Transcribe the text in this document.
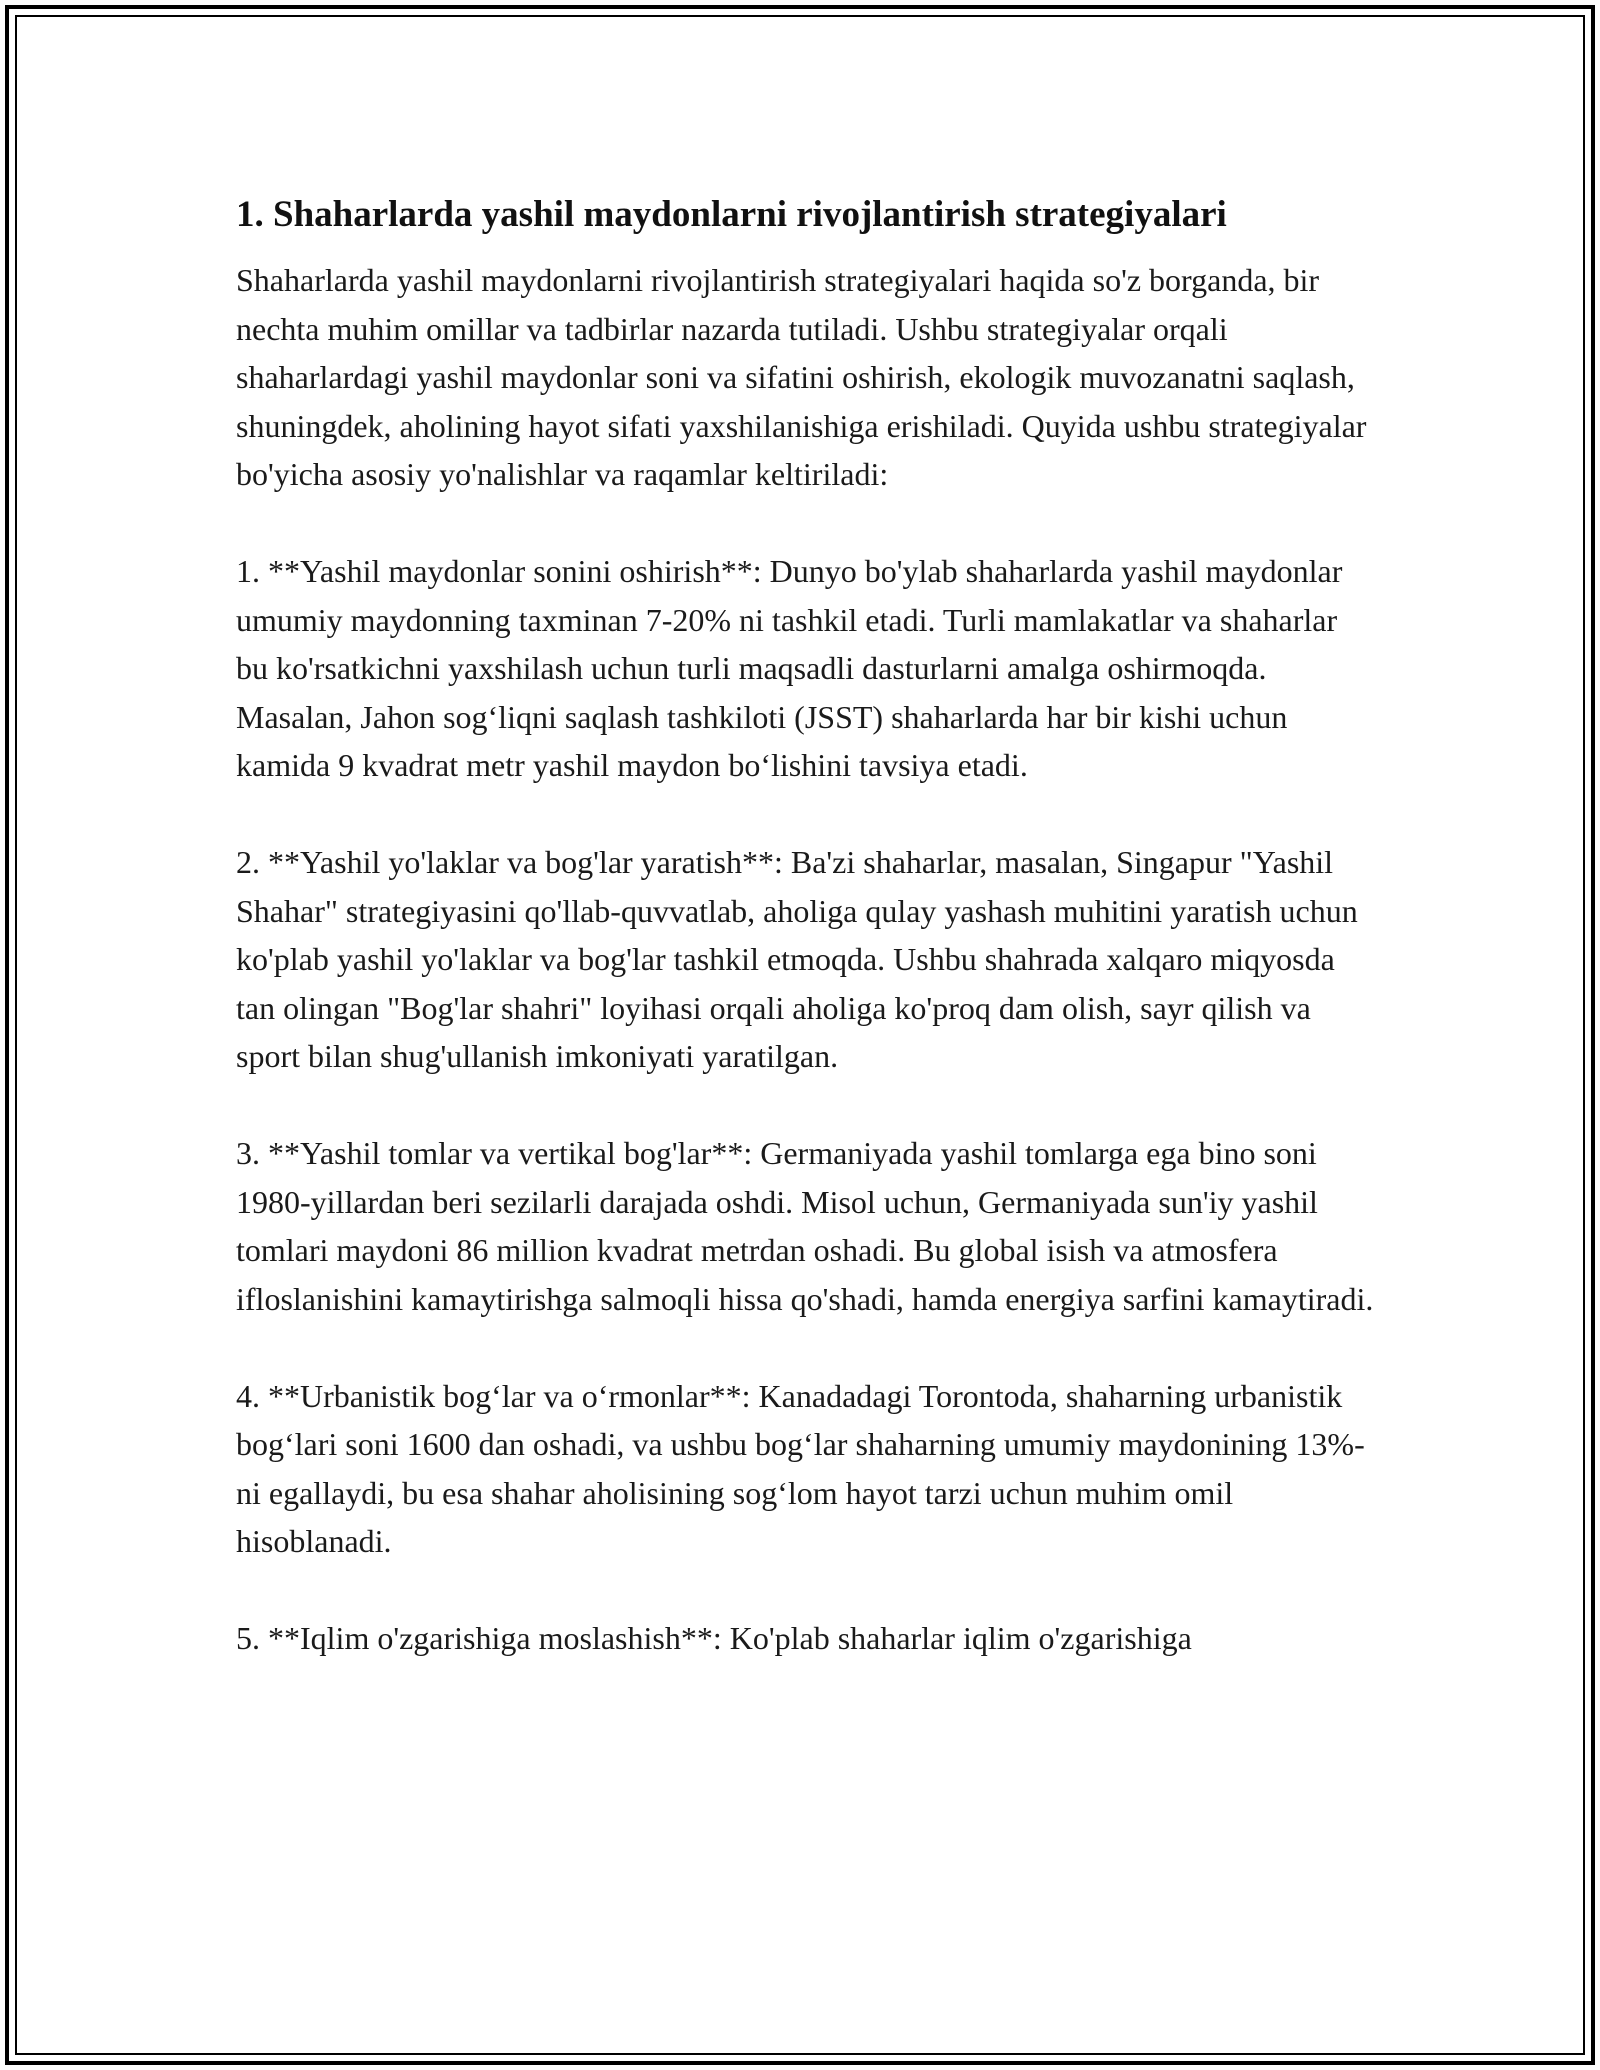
1. Shaharlarda yashil maydonlarni rivojlantirish strategiyalari

Shaharlarda yashil maydonlarni rivojlantirish strategiyalari haqida so'z borganda, bir nechta muhim omillar va tadbirlar nazarda tutiladi. Ushbu strategiyalar orqali shaharlardagi yashil maydonlar soni va sifatini oshirish, ekologik muvozanatni saqlash, shuningdek, aholining hayot sifati yaxshilanishiga erishiladi. Quyida ushbu strategiyalar bo'yicha asosiy yo'nalishlar va raqamlar keltiriladi:

1. **Yashil maydonlar sonini oshirish**: Dunyo bo'ylab shaharlarda yashil maydonlar umumiy maydonning taxminan 7-20% ni tashkil etadi. Turli mamlakatlar va shaharlar bu ko'rsatkichni yaxshilash uchun turli maqsadli dasturlarni amalga oshirmoqda. Masalan, Jahon sog‘liqni saqlash tashkiloti (JSST) shaharlarda har bir kishi uchun kamida 9 kvadrat metr yashil maydon bo‘lishini tavsiya etadi.

2. **Yashil yo'laklar va bog'lar yaratish**: Ba'zi shaharlar, masalan, Singapur "Yashil Shahar" strategiyasini qo'llab-quvvatlab, aholiga qulay yashash muhitini yaratish uchun ko'plab yashil yo'laklar va bog'lar tashkil etmoqda. Ushbu shahrada xalqaro miqyosda tan olingan "Bog'lar shahri" loyihasi orqali aholiga ko'proq dam olish, sayr qilish va sport bilan shug'ullanish imkoniyati yaratilgan.

3. **Yashil tomlar va vertikal bog'lar**: Germaniyada yashil tomlarga ega bino soni 1980-yillardan beri sezilarli darajada oshdi. Misol uchun, Germaniyada sun'iy yashil tomlari maydoni 86 million kvadrat metrdan oshadi. Bu global isish va atmosfera ifloslanishini kamaytirishga salmoqli hissa qo'shadi, hamda energiya sarfini kamaytiradi.

4. **Urbanistik bog‘lar va o‘rmonlar**: Kanadadagi Torontoda, shaharning urbanistik bog‘lari soni 1600 dan oshadi, va ushbu bog‘lar shaharning umumiy maydonining 13%-ni egallaydi, bu esa shahar aholisining sog‘lom hayot tarzi uchun muhim omil hisoblanadi.

5. **Iqlim o'zgarishiga moslashish**: Ko'plab shaharlar iqlim o'zgarishiga
